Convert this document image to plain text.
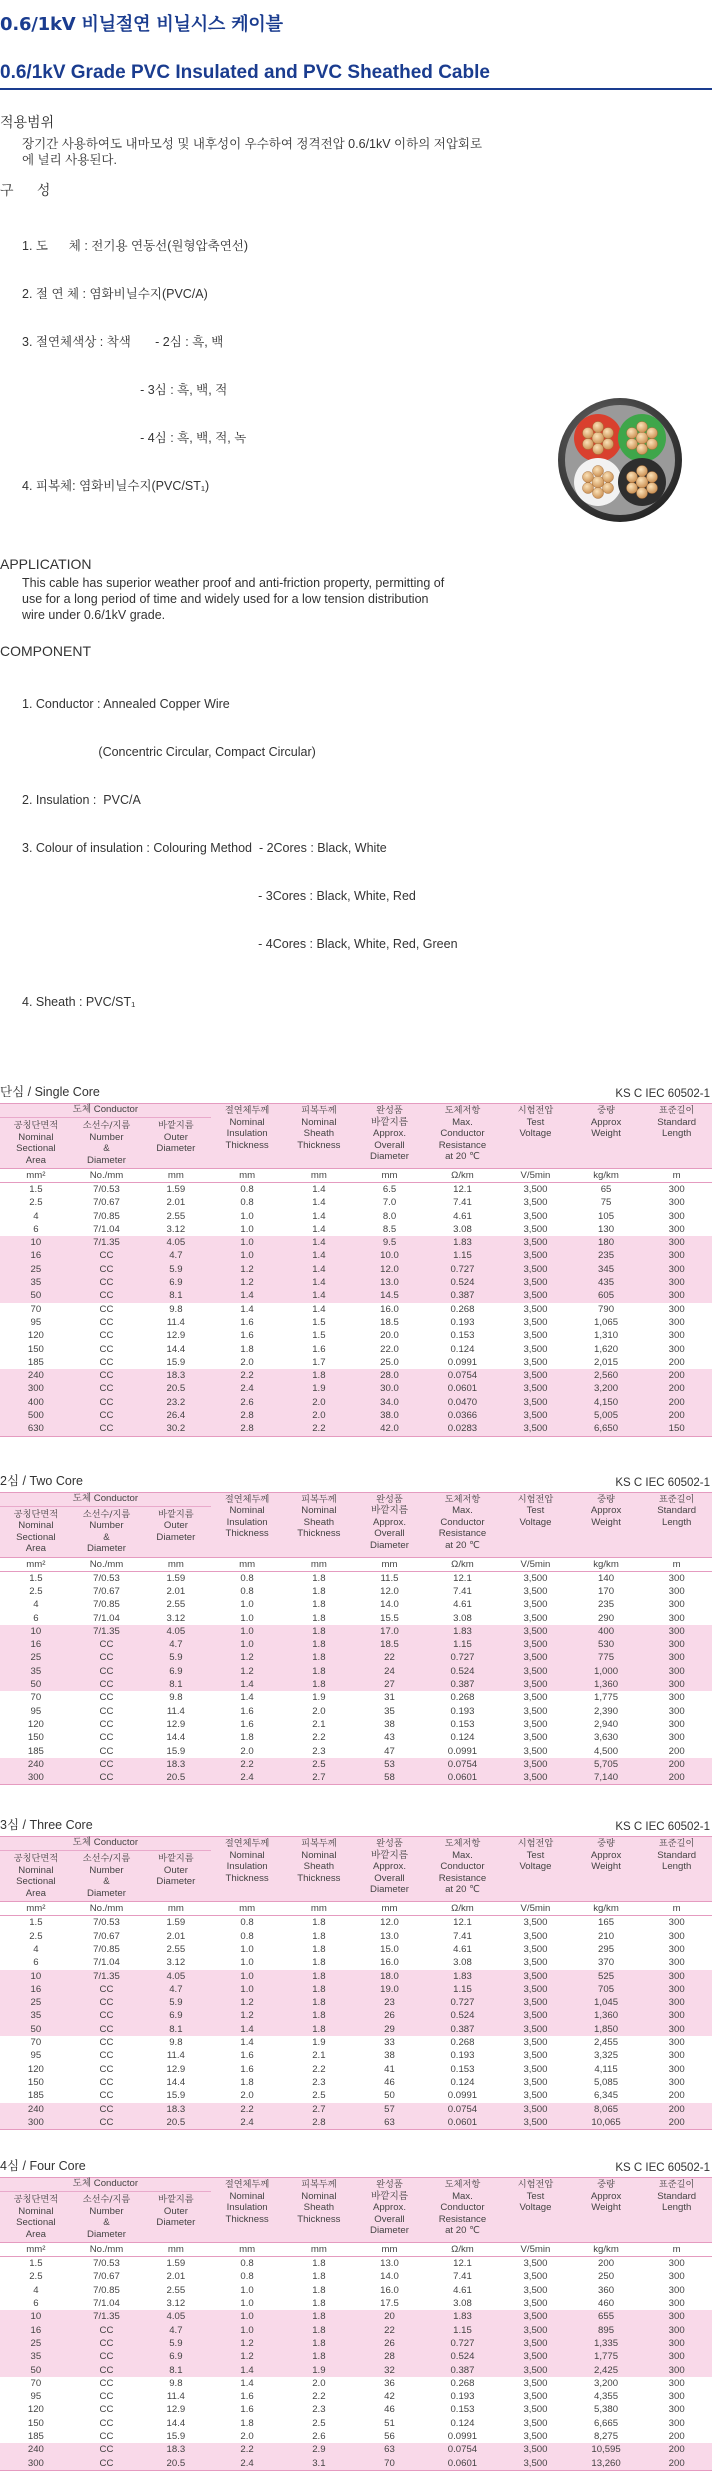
0.6/1kV 비닐절연 비닐시스 케이블
0.6/1kV Grade PVC Insulated and PVC Sheathed Cable
적용범위
장기간 사용하여도 내마모성 및 내후성이 우수하여 정격전압 0.6/1kV 이하의 저압회로
에 널리 사용된다.
구      성

1. 도      체 : 전기용 연동선(원형압축연선)

2. 절 연 체 : 염화비닐수지(PVC/A)

3. 절연체색상 : 착색       - 2심 : 흑, 백

- 3심 : 흑, 백, 적

- 4심 : 흑, 백, 적, 녹

4. 피복체: 염화비닐수지(PVC/ST₁)

APPLICATION
This cable has superior weather proof and anti-friction property, permitting of
use for a long period of time and widely used for a low tension distribution
wire under 0.6/1kV grade.
COMPONENT

1. Conductor : Annealed Copper Wire

(Concentric Circular, Compact Circular)

2. Insulation :  PVC/A

3. Colour of insulation : Colouring Method  - 2Cores : Black, White

- 3Cores : Black, White, Red

- 4Cores : Black, White, Red, Green

4. Sheath : PVC/ST₁

단심 / Single Core	KS C IEC 60502-1
도체 Conductor			절연체두께
Nominal
Insulation
Thickness	피복두께
Nominal
Sheath
Thickness	완성품
바깥지름
Approx.
Overall
Diameter	도체저항
Max.
Conductor
Resistance
at 20 ℃	시험전압
Test
Voltage	중량
Approx
Weight	표준길이
Standard
Length

공칭단면적
Nominal
Sectional
Area	소선수/지름
Number
&
Diameter	바깥지름
Outer
Diameter							

mm²	No./mm	mm	mm	mm	mm	Ω/km	V/5min	kg/km	m
1.5	7/0.53	1.59	0.8	1.4	6.5	12.1	3,500	65	300
2.5	7/0.67	2.01	0.8	1.4	7.0	7.41	3,500	75	300
4	7/0.85	2.55	1.0	1.4	8.0	4.61	3,500	105	300
6	7/1.04	3.12	1.0	1.4	8.5	3.08	3,500	130	300
10	7/1.35	4.05	1.0	1.4	9.5	1.83	3,500	180	300
16	CC	4.7	1.0	1.4	10.0	1.15	3,500	235	300
25	CC	5.9	1.2	1.4	12.0	0.727	3,500	345	300
35	CC	6.9	1.2	1.4	13.0	0.524	3,500	435	300
50	CC	8.1	1.4	1.4	14.5	0.387	3,500	605	300
70	CC	9.8	1.4	1.4	16.0	0.268	3,500	790	300
95	CC	11.4	1.6	1.5	18.5	0.193	3,500	1,065	300
120	CC	12.9	1.6	1.5	20.0	0.153	3,500	1,310	300
150	CC	14.4	1.8	1.6	22.0	0.124	3,500	1,620	300
185	CC	15.9	2.0	1.7	25.0	0.0991	3,500	2,015	200
240	CC	18.3	2.2	1.8	28.0	0.0754	3,500	2,560	200
300	CC	20.5	2.4	1.9	30.0	0.0601	3,500	3,200	200
400	CC	23.2	2.6	2.0	34.0	0.0470	3,500	4,150	200
500	CC	26.4	2.8	2.0	38.0	0.0366	3,500	5,005	200
630	CC	30.2	2.8	2.2	42.0	0.0283	3,500	6,650	150
2심 / Two Core	KS C IEC 60502-1
도체 Conductor			절연체두께
Nominal
Insulation
Thickness	피복두께
Nominal
Sheath
Thickness	완성품
바깥지름
Approx.
Overall
Diameter	도체저항
Max.
Conductor
Resistance
at 20 ℃	시험전압
Test
Voltage	중량
Approx
Weight	표준길이
Standard
Length

공칭단면적
Nominal
Sectional
Area	소선수/지름
Number
&
Diameter	바깥지름
Outer
Diameter							

mm²	No./mm	mm	mm	mm	mm	Ω/km	V/5min	kg/km	m
1.5	7/0.53	1.59	0.8	1.8	11.5	12.1	3,500	140	300
2.5	7/0.67	2.01	0.8	1.8	12.0	7.41	3,500	170	300
4	7/0.85	2.55	1.0	1.8	14.0	4.61	3,500	235	300
6	7/1.04	3.12	1.0	1.8	15.5	3.08	3,500	290	300
10	7/1.35	4.05	1.0	1.8	17.0	1.83	3,500	400	300
16	CC	4.7	1.0	1.8	18.5	1.15	3,500	530	300
25	CC	5.9	1.2	1.8	22	0.727	3,500	775	300
35	CC	6.9	1.2	1.8	24	0.524	3,500	1,000	300
50	CC	8.1	1.4	1.8	27	0.387	3,500	1,360	300
70	CC	9.8	1.4	1.9	31	0.268	3,500	1,775	300
95	CC	11.4	1.6	2.0	35	0.193	3,500	2,390	300
120	CC	12.9	1.6	2.1	38	0.153	3,500	2,940	300
150	CC	14.4	1.8	2.2	43	0.124	3,500	3,630	300
185	CC	15.9	2.0	2.3	47	0.0991	3,500	4,500	200
240	CC	18.3	2.2	2.5	53	0.0754	3,500	5,705	200
300	CC	20.5	2.4	2.7	58	0.0601	3,500	7,140	200
3심 / Three Core	KS C IEC 60502-1
도체 Conductor			절연체두께
Nominal
Insulation
Thickness	피복두께
Nominal
Sheath
Thickness	완성품
바깥지름
Approx.
Overall
Diameter	도체저항
Max.
Conductor
Resistance
at 20 ℃	시험전압
Test
Voltage	중량
Approx
Weight	표준길이
Standard
Length

공칭단면적
Nominal
Sectional
Area	소선수/지름
Number
&
Diameter	바깥지름
Outer
Diameter							

mm²	No./mm	mm	mm	mm	mm	Ω/km	V/5min	kg/km	m
1.5	7/0.53	1.59	0.8	1.8	12.0	12.1	3,500	165	300
2.5	7/0.67	2.01	0.8	1.8	13.0	7.41	3,500	210	300
4	7/0.85	2.55	1.0	1.8	15.0	4.61	3,500	295	300
6	7/1.04	3.12	1.0	1.8	16.0	3.08	3,500	370	300
10	7/1.35	4.05	1.0	1.8	18.0	1.83	3,500	525	300
16	CC	4.7	1.0	1.8	19.0	1.15	3,500	705	300
25	CC	5.9	1.2	1.8	23	0.727	3,500	1,045	300
35	CC	6.9	1.2	1.8	26	0.524	3,500	1,360	300
50	CC	8.1	1.4	1.8	29	0.387	3,500	1,850	300
70	CC	9.8	1.4	1.9	33	0.268	3,500	2,455	300
95	CC	11.4	1.6	2.1	38	0.193	3,500	3,325	300
120	CC	12.9	1.6	2.2	41	0.153	3,500	4,115	300
150	CC	14.4	1.8	2.3	46	0.124	3,500	5,085	300
185	CC	15.9	2.0	2.5	50	0.0991	3,500	6,345	200
240	CC	18.3	2.2	2.7	57	0.0754	3,500	8,065	200
300	CC	20.5	2.4	2.8	63	0.0601	3,500	10,065	200
4심 / Four Core	KS C IEC 60502-1
도체 Conductor			절연체두께
Nominal
Insulation
Thickness	피복두께
Nominal
Sheath
Thickness	완성품
바깥지름
Approx.
Overall
Diameter	도체저항
Max.
Conductor
Resistance
at 20 ℃	시험전압
Test
Voltage	중량
Approx
Weight	표준길이
Standard
Length

공칭단면적
Nominal
Sectional
Area	소선수/지름
Number
&
Diameter	바깥지름
Outer
Diameter							

mm²	No./mm	mm	mm	mm	mm	Ω/km	V/5min	kg/km	m
1.5	7/0.53	1.59	0.8	1.8	13.0	12.1	3,500	200	300
2.5	7/0.67	2.01	0.8	1.8	14.0	7.41	3,500	250	300
4	7/0.85	2.55	1.0	1.8	16.0	4.61	3,500	360	300
6	7/1.04	3.12	1.0	1.8	17.5	3.08	3,500	460	300
10	7/1.35	4.05	1.0	1.8	20	1.83	3,500	655	300
16	CC	4.7	1.0	1.8	22	1.15	3,500	895	300
25	CC	5.9	1.2	1.8	26	0.727	3,500	1,335	300
35	CC	6.9	1.2	1.8	28	0.524	3,500	1,775	300
50	CC	8.1	1.4	1.9	32	0.387	3,500	2,425	300
70	CC	9.8	1.4	2.0	36	0.268	3,500	3,200	300
95	CC	11.4	1.6	2.2	42	0.193	3,500	4,355	300
120	CC	12.9	1.6	2.3	46	0.153	3,500	5,380	300
150	CC	14.4	1.8	2.5	51	0.124	3,500	6,665	300
185	CC	15.9	2.0	2.6	56	0.0991	3,500	8,275	200
240	CC	18.3	2.2	2.9	63	0.0754	3,500	10,595	200
300	CC	20.5	2.4	3.1	70	0.0601	3,500	13,260	200
